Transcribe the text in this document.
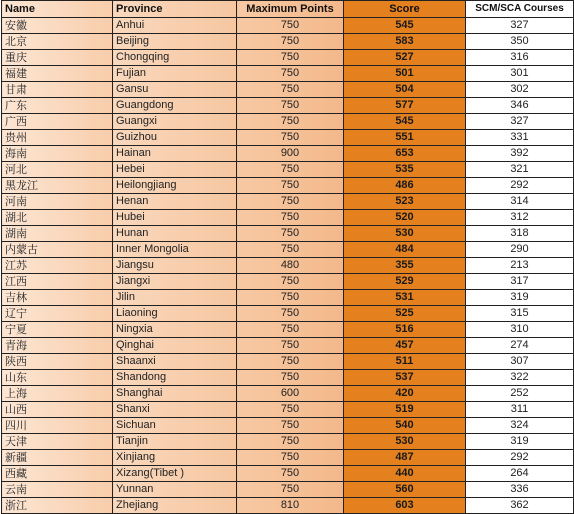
Name	Province	Maximum Points	Score	SCM/SCA Courses
安徽	Anhui	750	545	327
北京	Beijing	750	583	350
重庆	Chongqing	750	527	316
福建	Fujian	750	501	301
甘肃	Gansu	750	504	302
广东	Guangdong	750	577	346
广西	Guangxi	750	545	327
贵州	Guizhou	750	551	331
海南	Hainan	900	653	392
河北	Hebei	750	535	321
黑龙江	Heilongjiang	750	486	292
河南	Henan	750	523	314
湖北	Hubei	750	520	312
湖南	Hunan	750	530	318
内蒙古	Inner Mongolia	750	484	290
江苏	Jiangsu	480	355	213
江西	Jiangxi	750	529	317
吉林	Jilin	750	531	319
辽宁	Liaoning	750	525	315
宁夏	Ningxia	750	516	310
青海	Qinghai	750	457	274
陕西	Shaanxi	750	511	307
山东	Shandong	750	537	322
上海	Shanghai	600	420	252
山西	Shanxi	750	519	311
四川	Sichuan	750	540	324
天津	Tianjin	750	530	319
新疆	Xinjiang	750	487	292
西藏	Xizang(Tibet )	750	440	264
云南	Yunnan	750	560	336
浙江	Zhejiang	810	603	362
